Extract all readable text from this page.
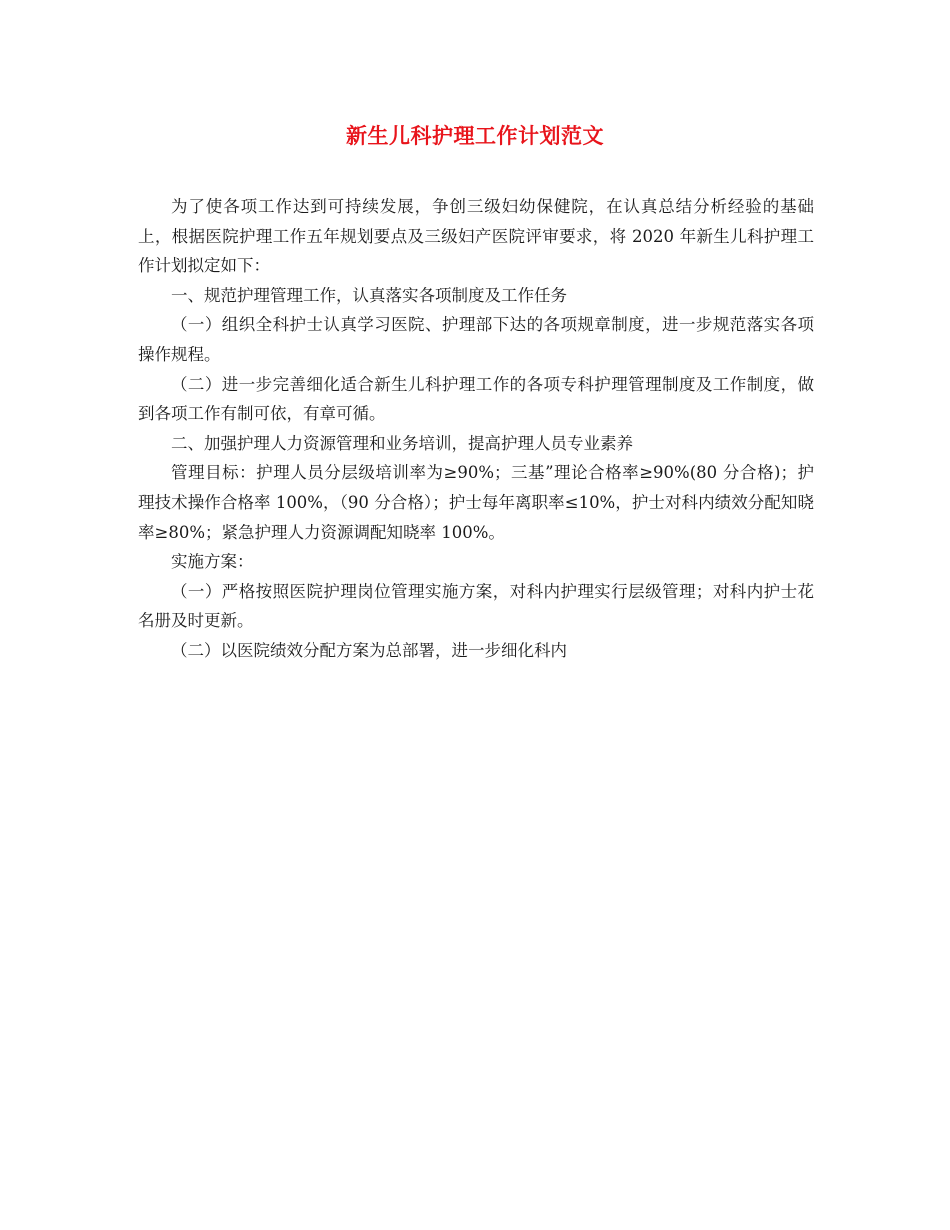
新生儿科护理工作计划范文

为了使各项工作达到可持续发展，争创三级妇幼保健院，在认真总结分析经验的基础上，根据医院护理工作五年规划要点及三级妇产医院评审要求，将 2020 年新生儿科护理工作计划拟定如下：

一、规范护理管理工作，认真落实各项制度及工作任务

（一）组织全科护士认真学习医院、护理部下达的各项规章制度，进一步规范落实各项操作规程。

（二）进一步完善细化适合新生儿科护理工作的各项专科护理管理制度及工作制度，做到各项工作有制可依，有章可循。

二、加强护理人力资源管理和业务培训，提高护理人员专业素养

管理目标：护理人员分层级培训率为≥90%；三基”理论合格率≥90%(80 分合格)；护理技术操作合格率 100%，（90 分合格）；护士每年离职率≤10%，护士对科内绩效分配知晓率≥80%；紧急护理人力资源调配知晓率 100%。

实施方案：

（一）严格按照医院护理岗位管理实施方案，对科内护理实行层级管理；对科内护士花名册及时更新。

（二）以医院绩效分配方案为总部署，进一步细化科内
